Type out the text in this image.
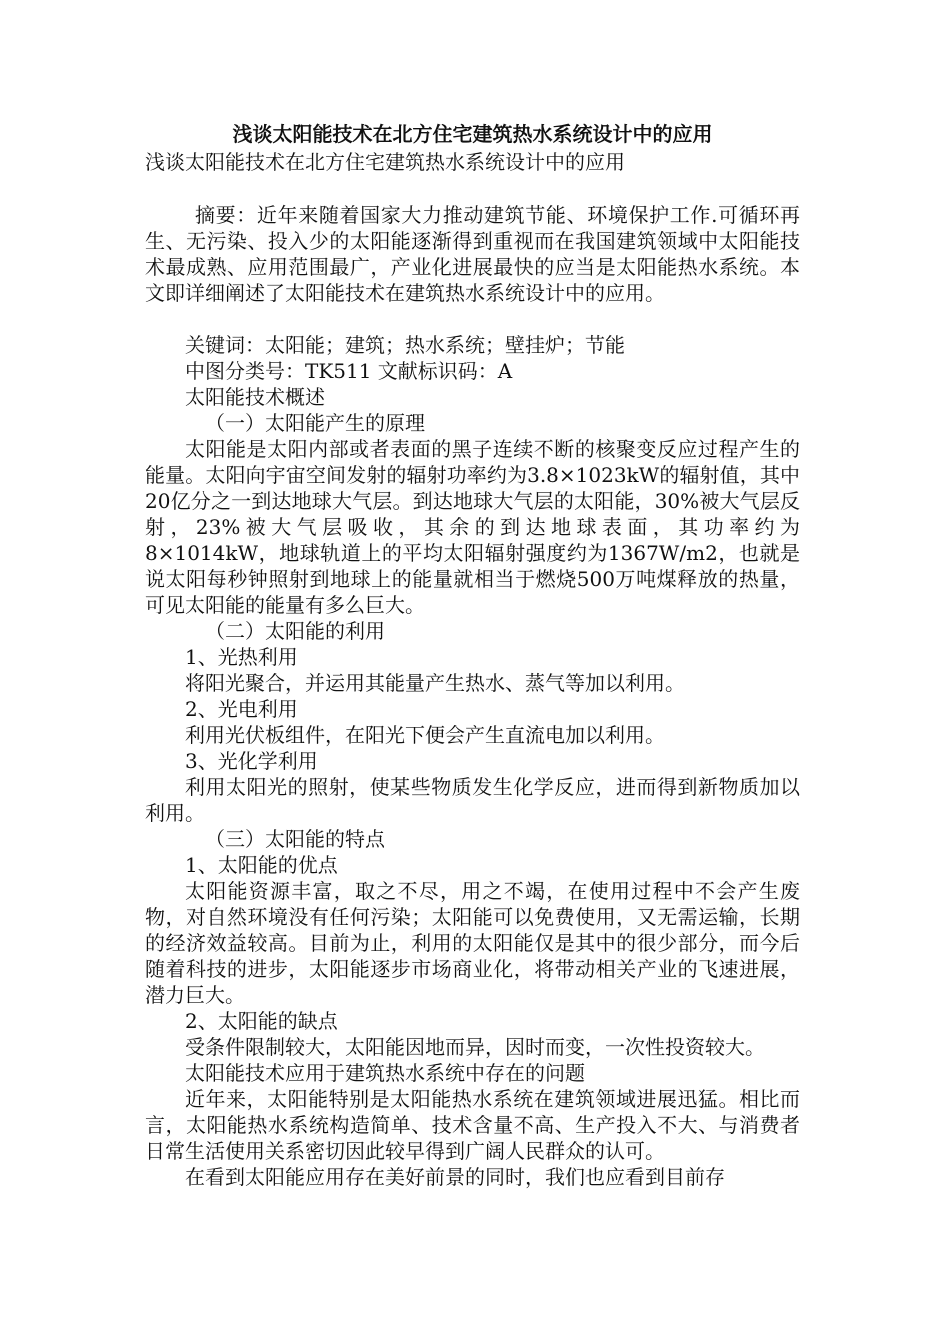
浅谈太阳能技术在北方住宅建筑热水系统设计中的应用

浅谈太阳能技术在北方住宅建筑热水系统设计中的应用

摘要：近年来随着国家大力推动建筑节能、环境保护工作.可循环再生、无污染、投入少的太阳能逐渐得到重视而在我国建筑领域中太阳能技术最成熟、应用范围最广，产业化进展最快的应当是太阳能热水系统。本文即详细阐述了太阳能技术在建筑热水系统设计中的应用。

关键词：太阳能；建筑；热水系统；壁挂炉；节能

中图分类号：TK511 文献标识码：A

太阳能技术概述

（一）太阳能产生的原理

太阳能是太阳内部或者表面的黑子连续不断的核聚变反应过程产生的能量。太阳向宇宙空间发射的辐射功率约为3.8×1023kW的辐射值，其中20亿分之一到达地球大气层。到达地球大气层的太阳能，30%被大气层反射，23%被大气层吸收，其余的到达地球表面，其功率约为8×1014kW，地球轨道上的平均太阳辐射强度约为1367W/m2，也就是说太阳每秒钟照射到地球上的能量就相当于燃烧500万吨煤释放的热量，可见太阳能的能量有多么巨大。

（二）太阳能的利用

1、光热利用

将阳光聚合，并运用其能量产生热水、蒸气等加以利用。

2、光电利用

利用光伏板组件，在阳光下便会产生直流电加以利用。

3、光化学利用

利用太阳光的照射，使某些物质发生化学反应，进而得到新物质加以利用。

（三）太阳能的特点

1、太阳能的优点

太阳能资源丰富，取之不尽，用之不竭，在使用过程中不会产生废物，对自然环境没有任何污染；太阳能可以免费使用，又无需运输，长期的经济效益较高。目前为止，利用的太阳能仅是其中的很少部分，而今后随着科技的进步，太阳能逐步市场商业化，将带动相关产业的飞速进展，潜力巨大。

2、太阳能的缺点

受条件限制较大，太阳能因地而异，因时而变，一次性投资较大。

太阳能技术应用于建筑热水系统中存在的问题

近年来，太阳能特别是太阳能热水系统在建筑领域进展迅猛。相比而言，太阳能热水系统构造简单、技术含量不高、生产投入不大、与消费者日常生活使用关系密切因此较早得到广阔人民群众的认可。

在看到太阳能应用存在美好前景的同时，我们也应看到目前存
